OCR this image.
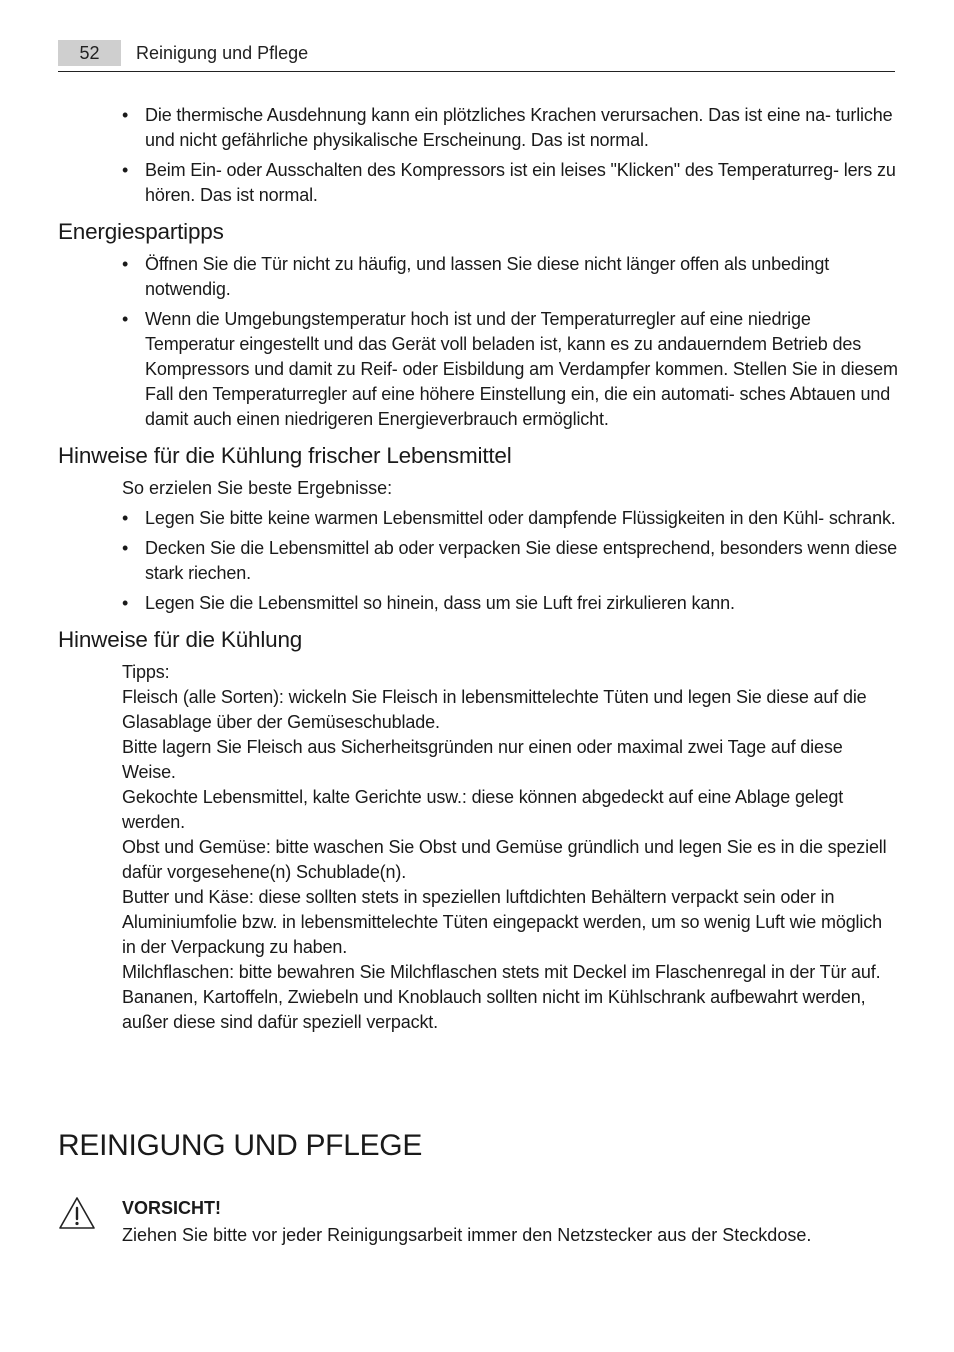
52	Reinigung und Pflege
• Die thermische Ausdehnung kann ein plötzliches Krachen verursachen. Das ist eine na- turliche und nicht gefährliche physikalische Erscheinung. Das ist normal.
• Beim Ein- oder Ausschalten des Kompressors ist ein leises "Klicken" des Temperaturreg- lers zu hören. Das ist normal.
Energiespartipps
• Öffnen Sie die Tür nicht zu häufig, und lassen Sie diese nicht länger offen als unbedingt notwendig.
• Wenn die Umgebungstemperatur hoch ist und der Temperaturregler auf eine niedrige Temperatur eingestellt und das Gerät voll beladen ist, kann es zu andauerndem Betrieb des Kompressors und damit zu Reif- oder Eisbildung am Verdampfer kommen. Stellen Sie in diesem Fall den Temperaturregler auf eine höhere Einstellung ein, die ein automati- sches Abtauen und damit auch einen niedrigeren Energieverbrauch ermöglicht.
Hinweise für die Kühlung frischer Lebensmittel

So erzielen Sie beste Ergebnisse:

• Legen Sie bitte keine warmen Lebensmittel oder dampfende Flüssigkeiten in den Kühl- schrank.
• Decken Sie die Lebensmittel ab oder verpacken Sie diese entsprechend, besonders wenn diese stark riechen.
• Legen Sie die Lebensmittel so hinein, dass um sie Luft frei zirkulieren kann.
Hinweise für die Kühlung

Tipps:

Fleisch (alle Sorten): wickeln Sie Fleisch in lebensmittelechte Tüten und legen Sie diese auf die Glasablage über der Gemüseschublade.

Bitte lagern Sie Fleisch aus Sicherheitsgründen nur einen oder maximal zwei Tage auf diese Weise.

Gekochte Lebensmittel, kalte Gerichte usw.: diese können abgedeckt auf eine Ablage gelegt werden.

Obst und Gemüse: bitte waschen Sie Obst und Gemüse gründlich und legen Sie es in die speziell dafür vorgesehene(n) Schublade(n).

Butter und Käse: diese sollten stets in speziellen luftdichten Behältern verpackt sein oder in Aluminiumfolie bzw. in lebensmittelechte Tüten eingepackt werden, um so wenig Luft wie möglich in der Verpackung zu haben.

Milchflaschen: bitte bewahren Sie Milchflaschen stets mit Deckel im Flaschenregal in der Tür auf.

Bananen, Kartoffeln, Zwiebeln und Knoblauch sollten nicht im Kühlschrank aufbewahrt werden, außer diese sind dafür speziell verpackt.

REINIGUNG UND PFLEGE

VORSICHT!

Ziehen Sie bitte vor jeder Reinigungsarbeit immer den Netzstecker aus der Steckdose.
